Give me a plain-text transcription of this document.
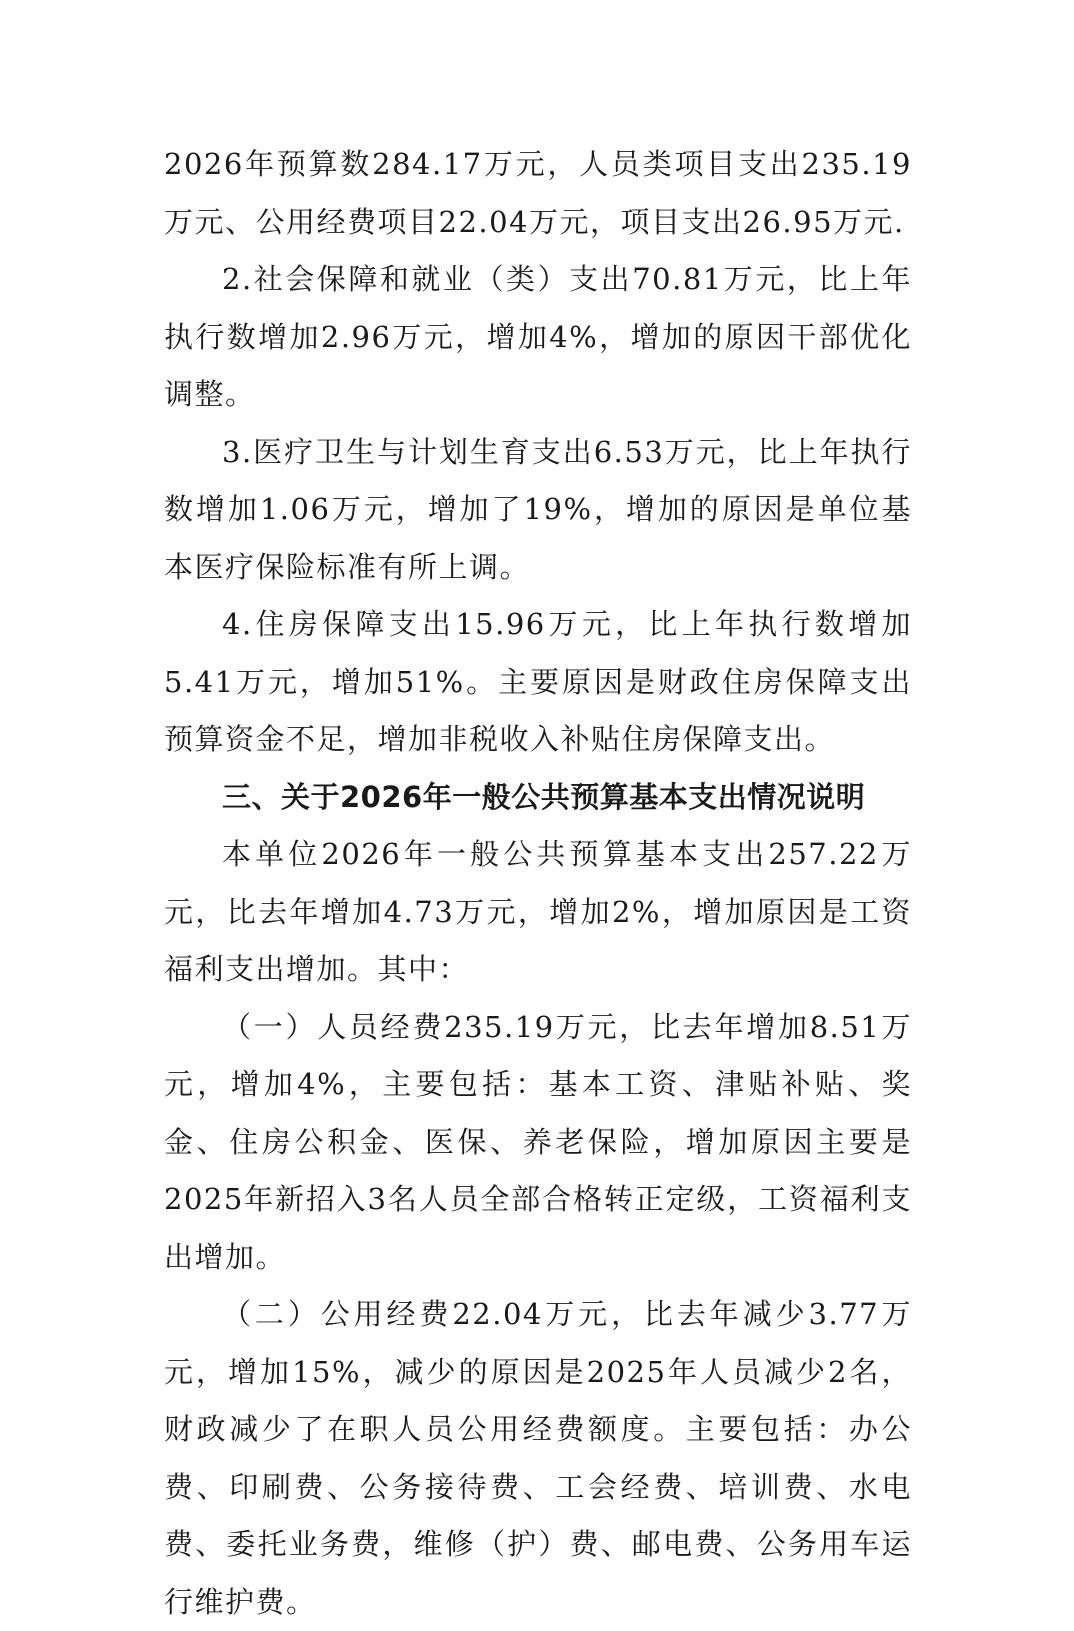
2026年预算数284.17万元，人员类项目支出235.19万元、公用经费项目22.04万元，项目支出26.95万元.

2.社会保障和就业（类）支出70.81万元，比上年执行数增加2.96万元，增加4%，增加的原因干部优化调整。

3.医疗卫生与计划生育支出6.53万元，比上年执行数增加1.06万元，增加了19%，增加的原因是单位基本医疗保险标准有所上调。

4.住房保障支出15.96万元，比上年执行数增加5.41万元，增加51%。主要原因是财政住房保障支出预算资金不足，增加非税收入补贴住房保障支出。

三、关于2026年一般公共预算基本支出情况说明

本单位2026年一般公共预算基本支出257.22万元，比去年增加4.73万元，增加2%，增加原因是工资福利支出增加。其中：

（一）人员经费235.19万元，比去年增加8.51万元，增加4%，主要包括：基本工资、津贴补贴、奖金、住房公积金、医保、养老保险，增加原因主要是2025年新招入3名人员全部合格转正定级，工资福利支出增加。

（二）公用经费22.04万元，比去年减少3.77万元，增加15%，减少的原因是2025年人员减少2名，财政减少了在职人员公用经费额度。主要包括：办公费、印刷费、公务接待费、工会经费、培训费、水电费、委托业务费，维修（护）费、邮电费、公务用车运行维护费。
